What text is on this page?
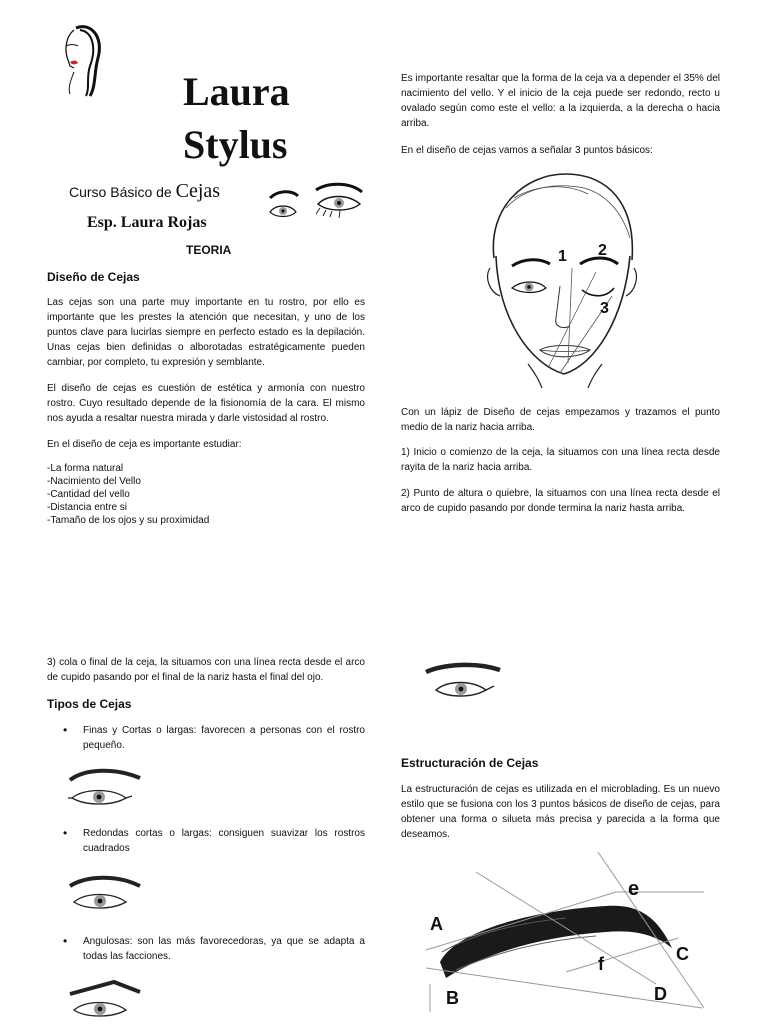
Laura
Stylus
Curso Básico de Cejas
Esp. Laura Rojas
TEORIA
Diseño de Cejas

Las cejas son una parte muy importante en tu rostro, por ello es importante que les prestes la atención que necesitan, y uno de los puntos clave para lucirlas siempre en perfecto estado es la depilación. Unas cejas bien definidas o alborotadas estratégicamente pueden cambiar, por completo, tu expresión y semblante.

El diseño de cejas es cuestión de estética y armonía con nuestro rostro. Cuyo resultado depende de la fisionomía de la cara. El mismo nos ayuda a resaltar nuestra mirada y darle vistosidad al rostro.

En el diseño de ceja es importante estudiar:

-La forma natural
-Nacimiento del Vello
-Cantidad del vello
-Distancia entre si
-Tamaño de los ojos y su proximidad

Es importante resaltar que la forma de la ceja va a depender el 35% del nacimiento del vello. Y el inicio de la ceja puede ser redondo, recto u ovalado según como este el vello: a la izquierda, a la derecha o hacia arriba.

En el diseño de cejas vamos a señalar 3 puntos básicos:

1 2
3

Con un lápiz de Diseño de cejas empezamos y trazamos el punto medio de la nariz hacia arriba.

1) Inicio o comienzo de la ceja, la situamos con una línea recta desde rayita de la nariz hacia arriba.

2) Punto de altura o quiebre, la situamos con una línea recta desde el arco de cupido pasando por donde termina la nariz hasta arriba.

3) cola o final de la ceja, la situamos con una línea recta desde el arco de cupido pasando por el final de la nariz hasta el final del ojo.

Tipos de Cejas
• Finas y Cortas o largas: favorecen a personas con el rostro pequeño.
• Redondas cortas o largas: consiguen suavizar los rostros cuadrados
• Angulosas: son las más favorecedoras, ya que se adapta a todas las facciones.
Estructuración de Cejas

La estructuración de cejas es utilizada en el microblading. Es un nuevo estilo que se fusiona con los 3 puntos básicos de diseño de cejas, para obtener una forma o silueta más precisa y parecida a la forma que deseamos.

A
B
C
D
e
f
